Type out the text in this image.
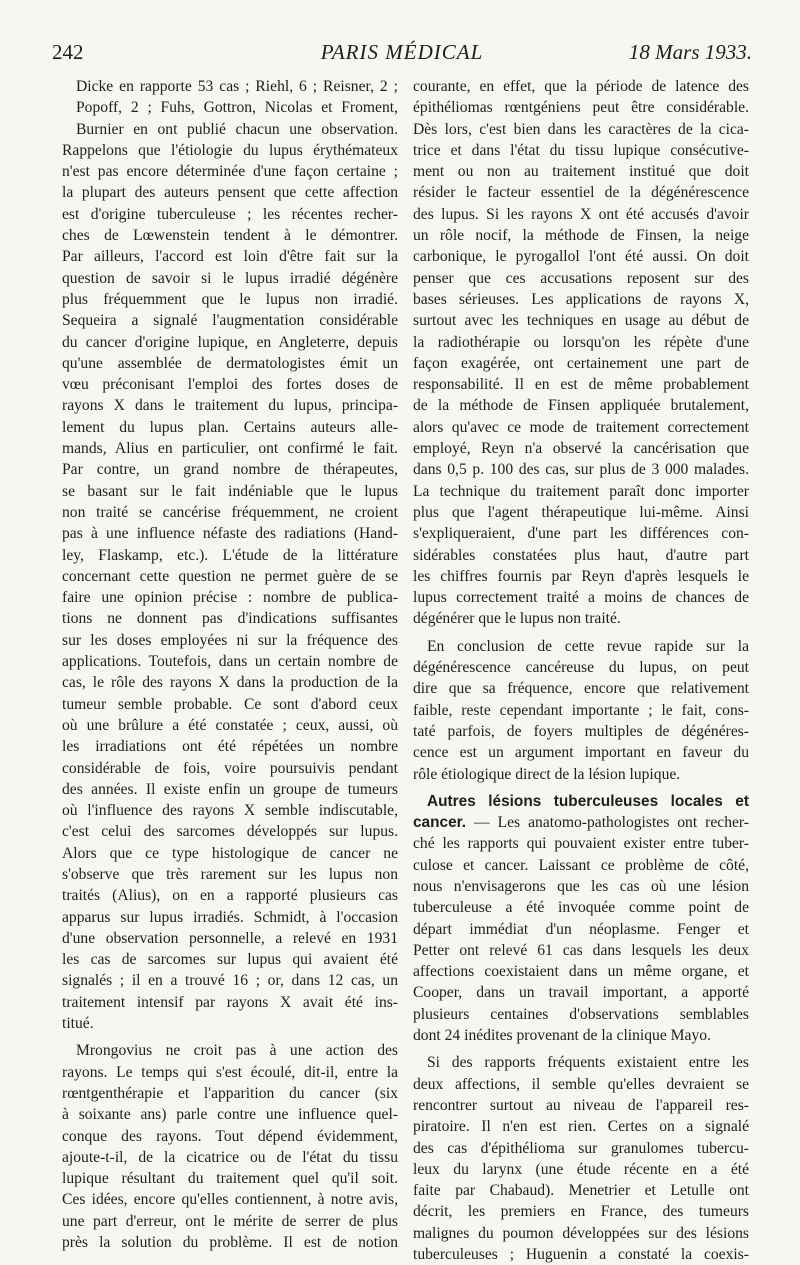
242	PARIS MÉDICAL	18 Mars 1933.
Dicke en rapporte 53 cas ; Riehl, 6 ; Reisner, 2 ;
Popoff, 2 ; Fuhs, Gottron, Nicolas et Froment,
Burnier en ont publié chacun une observation.
Rappelons que l'étiologie du lupus érythémateux
n'est pas encore déterminée d'une façon certaine ;
la plupart des auteurs pensent que cette affection
est d'origine tuberculeuse ; les récentes recher-
ches de Lœwenstein tendent à le démontrer.
Par ailleurs, l'accord est loin d'être fait sur la
question de savoir si le lupus irradié dégénère
plus fréquemment que le lupus non irradié.
Sequeira a signalé l'augmentation considérable
du cancer d'origine lupique, en Angleterre, depuis
qu'une assemblée de dermatologistes émit un
vœu préconisant l'emploi des fortes doses de
rayons X dans le traitement du lupus, principa-
lement du lupus plan. Certains auteurs alle-
mands, Alius en particulier, ont confirmé le fait.
Par contre, un grand nombre de thérapeutes,
se basant sur le fait indéniable que le lupus
non traité se cancérise fréquemment, ne croient
pas à une influence néfaste des radiations (Hand-
ley, Flaskamp, etc.). L'étude de la littérature
concernant cette question ne permet guère de se
faire une opinion précise : nombre de publica-
tions ne donnent pas d'indications suffisantes
sur les doses employées ni sur la fréquence des
applications. Toutefois, dans un certain nombre de
cas, le rôle des rayons X dans la production de la
tumeur semble probable. Ce sont d'abord ceux
où une brûlure a été constatée ; ceux, aussi, où
les irradiations ont été répétées un nombre
considérable de fois, voire poursuivis pendant
des années. Il existe enfin un groupe de tumeurs
où l'influence des rayons X semble indiscutable,
c'est celui des sarcomes développés sur lupus.
Alors que ce type histologique de cancer ne
s'observe que très rarement sur les lupus non
traités (Alius), on en a rapporté plusieurs cas
apparus sur lupus irradiés. Schmidt, à l'occasion
d'une observation personnelle, a relevé en 1931
les cas de sarcomes sur lupus qui avaient été
signalés ; il en a trouvé 16 ; or, dans 12 cas, un
traitement intensif par rayons X avait été ins-
titué.
Mrongovius ne croit pas à une action des
rayons. Le temps qui s'est écoulé, dit-il, entre la
rœntgenthérapie et l'apparition du cancer (six
à soixante ans) parle contre une influence quel-
conque des rayons. Tout dépend évidemment,
ajoute-t-il, de la cicatrice ou de l'état du tissu
lupique résultant du traitement quel qu'il soit.
Ces idées, encore qu'elles contiennent, à notre avis,
une part d'erreur, ont le mérite de serrer de plus
près la solution du problème. Il est de notion
courante, en effet, que la période de latence des
épithéliomas rœntgéniens peut être considérable.
Dès lors, c'est bien dans les caractères de la cica-
trice et dans l'état du tissu lupique consécutive-
ment ou non au traitement institué que doit
résider le facteur essentiel de la dégénérescence
des lupus. Si les rayons X ont été accusés d'avoir
un rôle nocif, la méthode de Finsen, la neige
carbonique, le pyrogallol l'ont été aussi. On doit
penser que ces accusations reposent sur des
bases sérieuses. Les applications de rayons X,
surtout avec les techniques en usage au début de
la radiothérapie ou lorsqu'on les répète d'une
façon exagérée, ont certainement une part de
responsabilité. Il en est de même probablement
de la méthode de Finsen appliquée brutalement,
alors qu'avec ce mode de traitement correctement
employé, Reyn n'a observé la cancérisation que
dans 0,5 p. 100 des cas, sur plus de 3 000 malades.
La technique du traitement paraît donc importer
plus que l'agent thérapeutique lui-même. Ainsi
s'expliqueraient, d'une part les différences con-
sidérables constatées plus haut, d'autre part
les chiffres fournis par Reyn d'après lesquels le
lupus correctement traité a moins de chances de
dégénérer que le lupus non traité.
En conclusion de cette revue rapide sur la
dégénérescence cancéreuse du lupus, on peut
dire que sa fréquence, encore que relativement
faible, reste cependant importante ; le fait, cons-
taté parfois, de foyers multiples de dégénéres-
cence est un argument important en faveur du
rôle étiologique direct de la lésion lupique.
Autres lésions tuberculeuses locales et
cancer. — Les anatomo-pathologistes ont recher-
ché les rapports qui pouvaient exister entre tuber-
culose et cancer. Laissant ce problème de côté,
nous n'envisagerons que les cas où une lésion
tuberculeuse a été invoquée comme point de
départ immédiat d'un néoplasme. Fenger et
Petter ont relevé 61 cas dans lesquels les deux
affections coexistaient dans un même organe, et
Cooper, dans un travail important, a apporté
plusieurs centaines d'observations semblables
dont 24 inédites provenant de la clinique Mayo.
Si des rapports fréquents existaient entre les
deux affections, il semble qu'elles devraient se
rencontrer surtout au niveau de l'appareil res-
piratoire. Il n'en est rien. Certes on a signalé
des cas d'épithélioma sur granulomes tubercu-
leux du larynx (une étude récente en a été
faite par Chabaud). Menetrier et Letulle ont
décrit, les premiers en France, des tumeurs
malignes du poumon développées sur des lésions
tuberculeuses ; Huguenin a constaté la coexis-
